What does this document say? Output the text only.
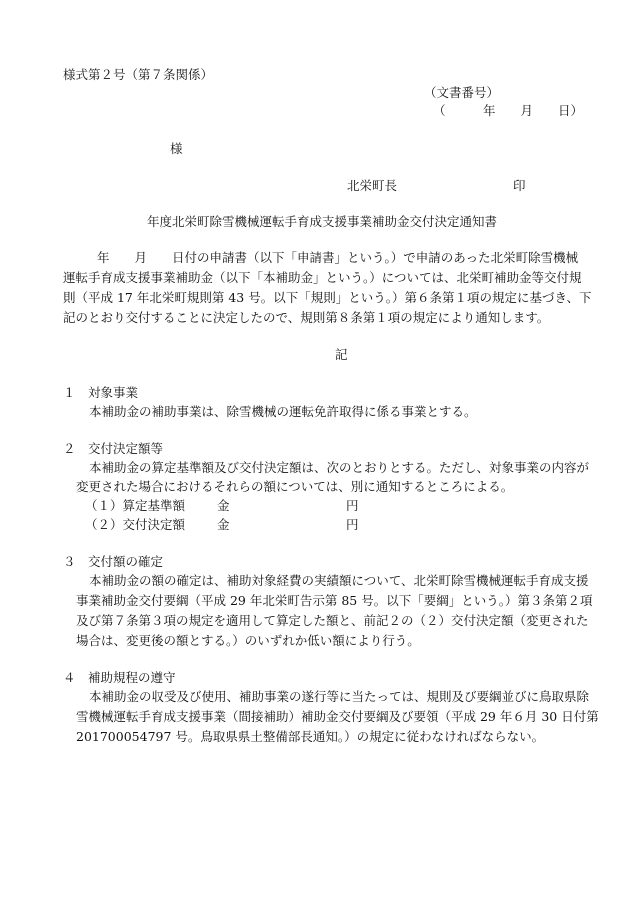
様式第２号（第７条関係）
（文書番号）
（　　　年　　月　　日）
様
北栄町長	印
年度北栄町除雪機械運転手育成支援事業補助金交付決定通知書
年　　月　　日付の申請書（以下「申請書」という。）で申請のあった北栄町除雪機械
運転手育成支援事業補助金（以下「本補助金」という。）については、北栄町補助金等交付規
則（平成 17 年北栄町規則第 43 号。以下「規則」という。）第６条第１項の規定に基づき、下
記のとおり交付することに決定したので、規則第８条第１項の規定により通知します。
記
１　対象事業
本補助金の補助事業は、除雪機械の運転免許取得に係る事業とする。
２　交付決定額等
本補助金の算定基準額及び交付決定額は、次のとおりとする。ただし、対象事業の内容が
変更された場合におけるそれらの額については、別に通知するところによる。
（１）算定基準額	金	円
（２）交付決定額	金	円
３　交付額の確定
本補助金の額の確定は、補助対象経費の実績額について、北栄町除雪機械運転手育成支援
事業補助金交付要綱（平成 29 年北栄町告示第 85 号。以下「要綱」という。）第３条第２項
及び第７条第３項の規定を適用して算定した額と、前記２の（２）交付決定額（変更された
場合は、変更後の額とする。）のいずれか低い額により行う。
４　補助規程の遵守
本補助金の収受及び使用、補助事業の遂行等に当たっては、規則及び要綱並びに鳥取県除
雪機械運転手育成支援事業（間接補助）補助金交付要綱及び要領（平成 29 年６月 30 日付第
201700054797 号。鳥取県県土整備部長通知。）の規定に従わなければならない。
